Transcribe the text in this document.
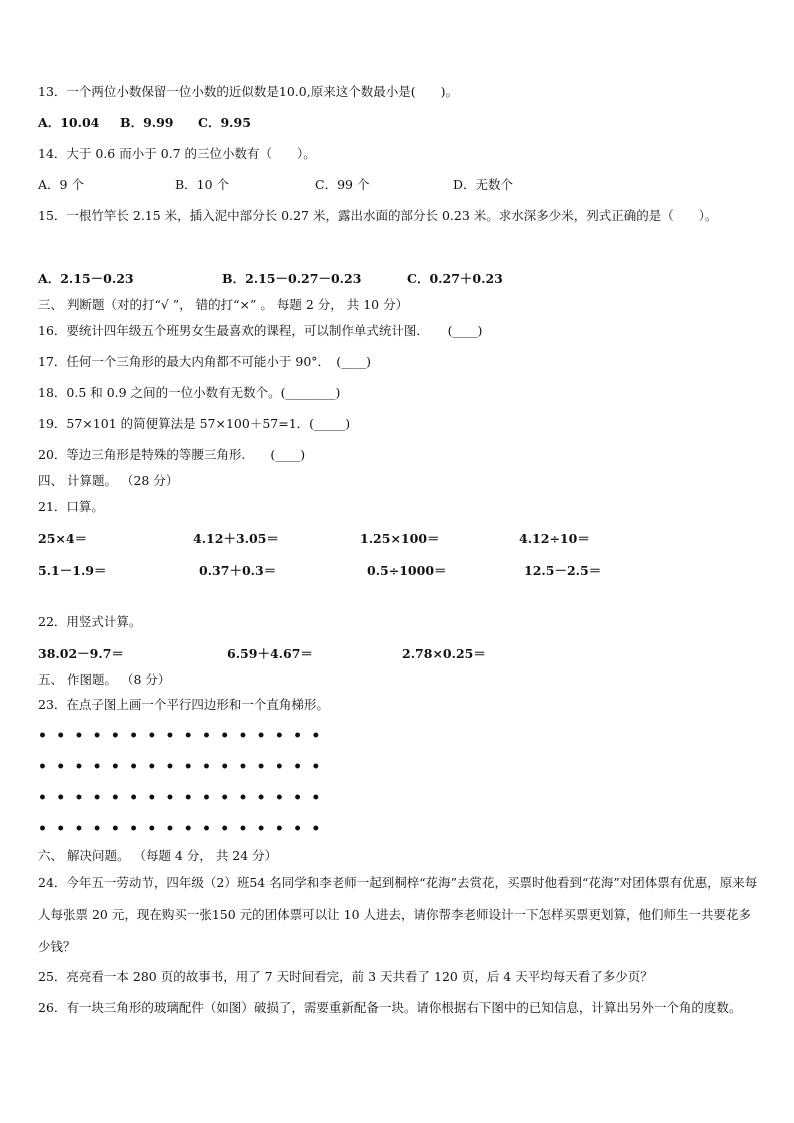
13．一个两位小数保留一位小数的近似数是10.0,原来这个数最小是(　　)。
A．10.04 B．9.99 C．9.95
14．大于 0.6 而小于 0.7 的三位小数有（　　）。
A．9 个	B．10 个	C．99 个	D．无数个
15．一根竹竿长 2.15 米，插入泥中部分长 0.27 米，露出水面的部分长 0.23 米。求水深多少米，列式正确的是（　　）。
A．2.15－0.23	B．2.15－0.27－0.23	C．0.27＋0.23
三、 判断题（对的打“√ ”， 错的打“×” 。 每题 2 分， 共 10 分）
16．要统计四年级五个班男女生最喜欢的课程，可以制作单式统计图．　　(____)
17．任何一个三角形的最大内角都不可能小于 90°．　(____)
18．0.5 和 0.9 之间的一位小数有无数个。(________)
19．57×101 的简便算法是 57×100＋57=1．(_____)
20．等边三角形是特殊的等腰三角形.　　(____)
四、 计算题。 （28 分）
21．口算。
25×4＝	4.12＋3.05＝	1.25×100＝	4.12÷10＝
5.1－1.9＝	0.37＋0.3＝	0.5÷1000＝	12.5－2.5＝
22．用竖式计算。
38.02－9.7＝	6.59＋4.67＝	2.78×0.25＝
五、 作图题。 （8 分）
23．在点子图上画一个平行四边形和一个直角梯形。
• • • • • • • • • • • • • • • •
• • • • • • • • • • • • • • • •
• • • • • • • • • • • • • • • •
• • • • • • • • • • • • • • • •
六、 解决问题。 （每题 4 分， 共 24 分）
24．今年五一劳动节，四年级（2）班54 名同学和李老师一起到桐梓“花海”去赏花，买票时他看到“花海”对团体票有优惠，原来每人每张票 20 元，现在购买一张150 元的团体票可以让 10 人进去，请你帮李老师设计一下怎样买票更划算，他们师生一共要花多少钱？
25．亮亮看一本 280 页的故事书，用了 7 天时间看完，前 3 天共看了 120 页，后 4 天平均每天看了多少页？
26．有一块三角形的玻璃配件（如图）破损了，需要重新配备一块。请你根据右下图中的已知信息，计算出另外一个角的度数。
